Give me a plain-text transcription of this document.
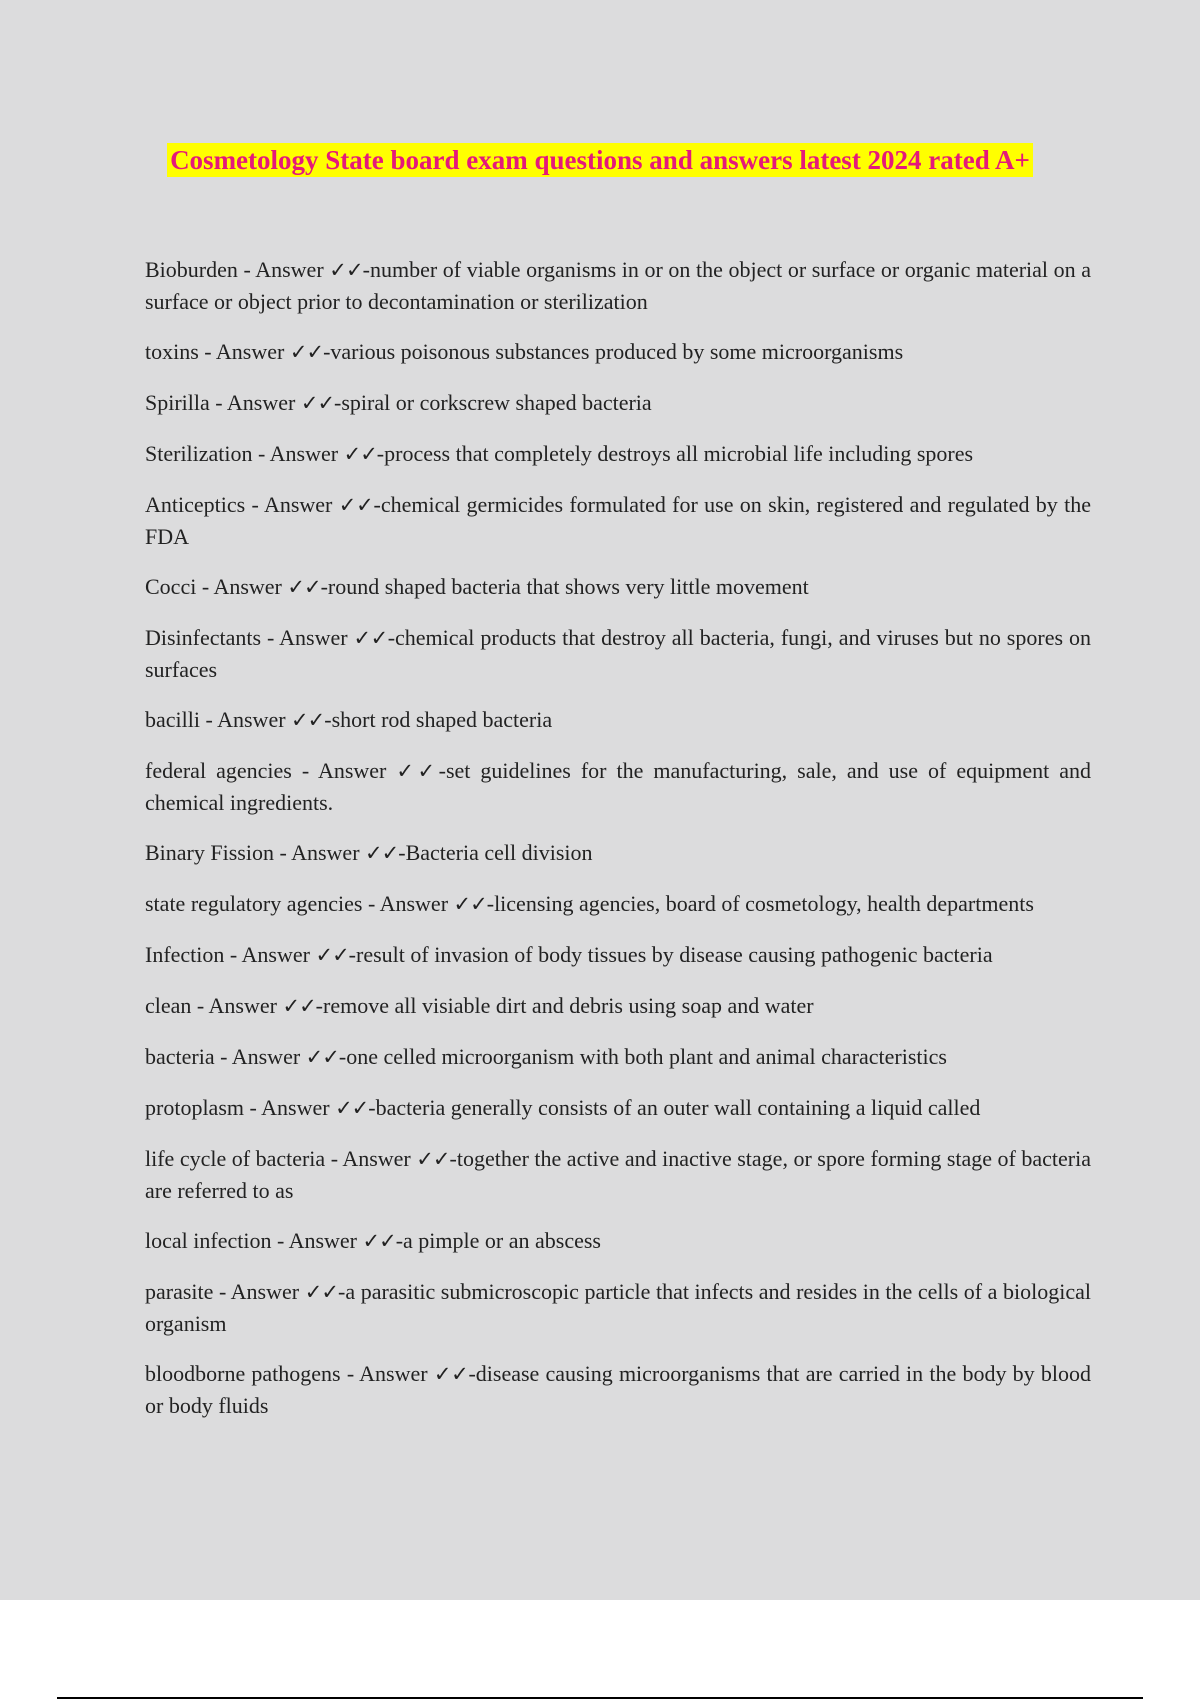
Cosmetology State board exam questions and answers latest 2024 rated A+
Bioburden - Answer ✓✓-number of viable organisms in or on the object or surface or organic material on a surface or object prior to decontamination or sterilization
toxins - Answer ✓✓-various poisonous substances produced by some microorganisms
Spirilla - Answer ✓✓-spiral or corkscrew shaped bacteria
Sterilization - Answer ✓✓-process that completely destroys all microbial life including spores
Anticeptics - Answer ✓✓-chemical germicides formulated for use on skin, registered and regulated by the FDA
Cocci - Answer ✓✓-round shaped bacteria that shows very little movement
Disinfectants - Answer ✓✓-chemical products that destroy all bacteria, fungi, and viruses but no spores on surfaces
bacilli - Answer ✓✓-short rod shaped bacteria
federal agencies - Answer ✓✓-set guidelines for the manufacturing, sale, and use of equipment and chemical ingredients.
Binary Fission - Answer ✓✓-Bacteria cell division
state regulatory agencies - Answer ✓✓-licensing agencies, board of cosmetology, health departments
Infection - Answer ✓✓-result of invasion of body tissues by disease causing pathogenic bacteria
clean - Answer ✓✓-remove all visiable dirt and debris using soap and water
bacteria - Answer ✓✓-one celled microorganism with both plant and animal characteristics
protoplasm - Answer ✓✓-bacteria generally consists of an outer wall containing a liquid called
life cycle of bacteria - Answer ✓✓-together the active and inactive stage, or spore forming stage of bacteria are referred to as
local infection - Answer ✓✓-a pimple or an abscess
parasite - Answer ✓✓-a parasitic submicroscopic particle that infects and resides in the cells of a biological organism
bloodborne pathogens - Answer ✓✓-disease causing microorganisms that are carried in the body by blood or body fluids
